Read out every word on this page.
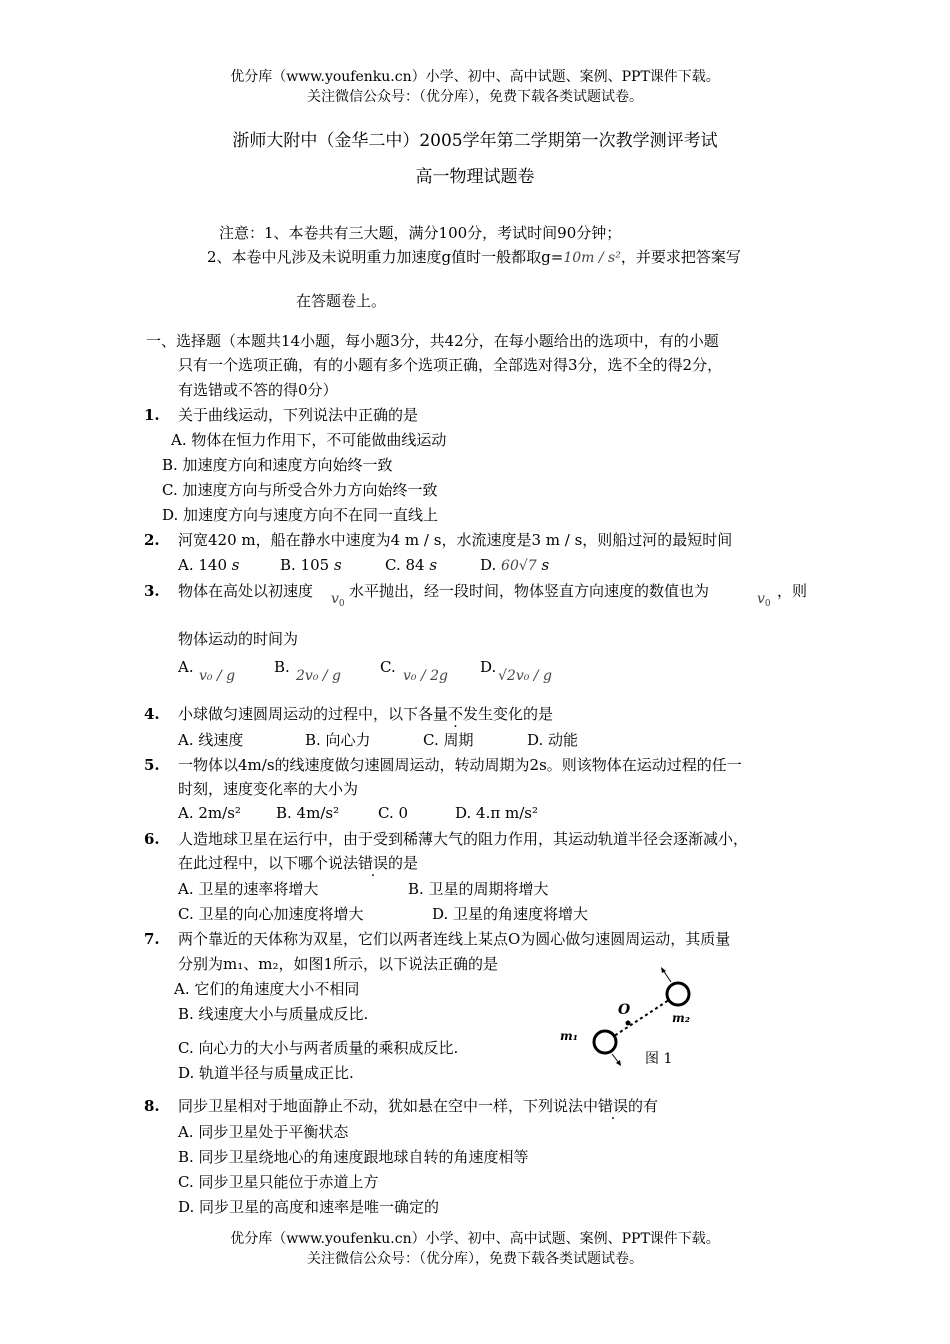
优分库（www.youfenku.cn）小学、初中、高中试题、案例、PPT课件下载。
关注微信公众号：（优分库），免费下载各类试题试卷。
浙师大附中（金华二中）2005学年第二学期第一次教学测评考试
高一物理试题卷
注意：1、本卷共有三大题，满分100分，考试时间90分钟；
2、本卷中凡涉及未说明重力加速度g值时一般都取g=10m / s²，并要求把答案写
在答题卷上。
一、选择题（本题共14小题，每小题3分，共42分，在每小题给出的选项中，有的小题
只有一个选项正确，有的小题有多个选项正确，全部选对得3分，选不全的得2分，
有选错或不答的得0分）
1. 关于曲线运动，下列说法中正确的是
A. 物体在恒力作用下，不可能做曲线运动
B. 加速度方向和速度方向始终一致
C. 加速度方向与所受合外力方向始终一致
D. 加速度方向与速度方向不在同一直线上
2. 河宽420 m，船在静水中速度为4 m / s，水流速度是3 m / s，则船过河的最短时间
A. 140 s	B. 105 s	C. 84 s	D. 60√7 s
3. 物体在高处以初速度 $v_0$
水平抛出，经一段时间，物体竖直方向速度的数值也为	$v_0$
，则
物体运动的时间为
A. v₀ / g	B. 2v₀ / g	C. v₀ / 2g D. √2v₀ / g
4. 小球做匀速圆周运动的过程中，以下各量不发生变化的是
A. 线速度	B. 向心力	C. 周期	D. 动能
5. 一物体以4m/s的线速度做匀速圆周运动，转动周期为2s。则该物体在运动过程的任一
时刻，速度变化率的大小为
A. 2m/s² B. 4m/s²	C. 0	D. 4.π m/s²
6. 人造地球卫星在运行中，由于受到稀薄大气的阻力作用，其运动轨道半径会逐渐减小，
在此过程中，以下哪个说法错误的是
A. 卫星的速率将增大	B. 卫星的周期将增大
C. 卫星的向心加速度将增大	D. 卫星的角速度将增大
7. 两个靠近的天体称为双星，它们以两者连线上某点O为圆心做匀速圆周运动，其质量
分别为m₁、m₂，如图1所示，以下说法正确的是
A. 它们的角速度大小不相同
B. 线速度大小与质量成反比.
C. 向心力的大小与两者质量的乘积成反比.
D. 轨道半径与质量成正比.
O
m₁
m₂
图 1
8. 同步卫星相对于地面静止不动，犹如悬在空中一样，下列说法中错误的有
A. 同步卫星处于平衡状态
B. 同步卫星绕地心的角速度跟地球自转的角速度相等
C. 同步卫星只能位于赤道上方
D. 同步卫星的高度和速率是唯一确定的
优分库（www.youfenku.cn）小学、初中、高中试题、案例、PPT课件下载。
关注微信公众号：（优分库），免费下载各类试题试卷。
